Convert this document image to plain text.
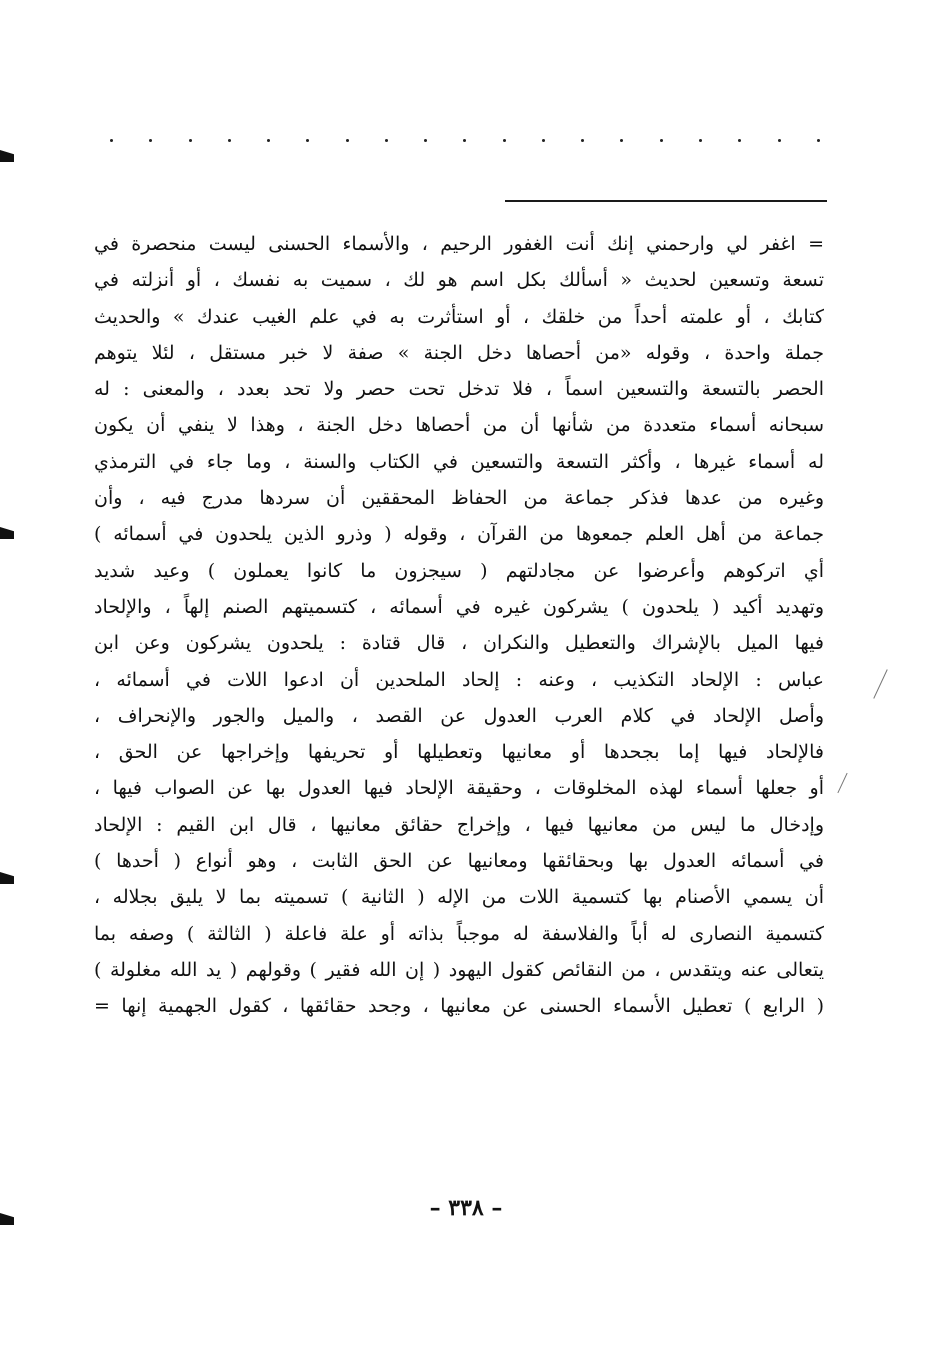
= اغفر لي وارحمني إنك أنت الغفور الرحيم ، والأسماء الحسنى ليست منحصرة في
تسعة وتسعين لحديث « أسألك بكل اسم هو لك ، سميت به نفسك ، أو أنزلته في
كتابك ، أو علمته أحداً من خلقك ، أو استأثرت به في علم الغيب عندك » والحديث
جملة واحدة ، وقوله «من أحصاها دخل الجنة » صفة لا خبر مستقل ، لئلا يتوهم
الحصر بالتسعة والتسعين اسماً ، فلا تدخل تحت حصر ولا تحد بعدد ، والمعنى : له
سبحانه أسماء متعددة من شأنها أن من أحصاها دخل الجنة ، وهذا لا ينفي أن يكون
له أسماء غيرها ، وأكثر التسعة والتسعين في الكتاب والسنة ، وما جاء في الترمذي
وغيره من عدها فذكر جماعة من الحفاظ المحققين أن سردها مدرج فيه ، وأن
جماعة من أهل العلم جمعوها من القرآن ، وقوله ( وذرو الذين يلحدون في أسمائه )
أي اتركوهم وأعرضوا عن مجادلتهم ( سيجزون ما كانوا يعملون ) وعيد شديد
وتهديد أكيد ( يلحدون ) يشركون غيره في أسمائه ، كتسميتهم الصنم إلهاً ، والإلحاد
فيها الميل بالإشراك والتعطيل والنكران ، قال قتادة : يلحدون يشركون وعن ابن
عباس : الإلحاد التكذيب ، وعنه : إلحاد الملحدين أن ادعوا اللات في أسمائه ،
وأصل الإلحاد في كلام العرب العدول عن القصد ، والميل والجور والإنحراف ،
فالإلحاد فيها إما بجحدها أو معانيها وتعطيلها أو تحريفها وإخراجها عن الحق ،
أو جعلها أسماء لهذه المخلوقات ، وحقيقة الإلحاد فيها العدول بها عن الصواب فيها ،
وإدخال ما ليس من معانيها فيها ، وإخراج حقائق معانيها ، قال ابن القيم : الإلحاد
في أسمائه العدول بها وبحقائقها ومعانيها عن الحق الثابت ، وهو أنواع ( أحدها )
أن يسمي الأصنام بها كتسمية اللات من الإله ( الثانية ) تسميته بما لا يليق بجلاله ،
كتسمية النصارى له أباً والفلاسفة له موجباً بذاته أو علة فاعلة ( الثالثة ) وصفه بما
يتعالى عنه ويتقدس ، من النقائص كقول اليهود ( إن الله فقير ) وقولهم ( يد الله مغلولة )
( الرابع ) تعطيل الأسماء الحسنى عن معانيها ، وجحد حقائقها ، كقول الجهمية إنها =
– ٣٣٨ –
